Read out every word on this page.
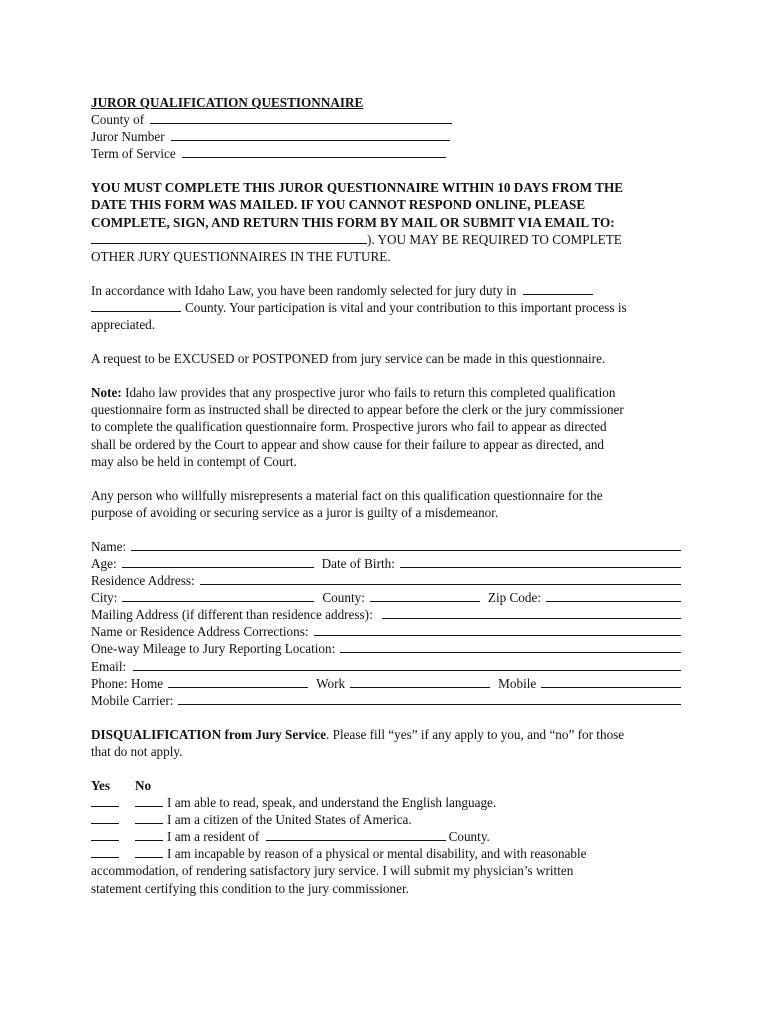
JUROR QUALIFICATION QUESTIONNAIRE
County of
Juror Number
Term of Service
YOU MUST COMPLETE THIS JUROR QUESTIONNAIRE WITHIN 10 DAYS FROM THE
DATE THIS FORM WAS MAILED. IF YOU CANNOT RESPOND ONLINE, PLEASE
COMPLETE, SIGN, AND RETURN THIS FORM BY MAIL OR SUBMIT VIA EMAIL TO:
). YOU MAY BE REQUIRED TO COMPLETE
OTHER JURY QUESTIONNAIRES IN THE FUTURE.
In accordance with Idaho Law, you have been randomly selected for jury duty in
County. Your participation is vital and your contribution to this important process is
appreciated.
A request to be EXCUSED or POSTPONED from jury service can be made in this questionnaire.
Note: Idaho law provides that any prospective juror who fails to return this completed qualification
questionnaire form as instructed shall be directed to appear before the clerk or the jury commissioner
to complete the qualification questionnaire form. Prospective jurors who fail to appear as directed
shall be ordered by the Court to appear and show cause for their failure to appear as directed, and
may also be held in contempt of Court.
Any person who willfully misrepresents a material fact on this qualification questionnaire for the
purpose of avoiding or securing service as a juror is guilty of a misdemeanor.
Name:
Age:	Date of Birth:
Residence Address:
City:	County:	Zip Code:
Mailing Address (if different than residence address):
Name or Residence Address Corrections:
One-way Mileage to Jury Reporting Location:
Email:
Phone: Home	Work	Mobile
Mobile Carrier:
DISQUALIFICATION from Jury Service. Please fill “yes” if any apply to you, and “no” for those
that do not apply.
Yes No
I am able to read, speak, and understand the English language.
I am a citizen of the United States of America.
I am a resident of	County.
I am incapable by reason of a physical or mental disability, and with reasonable
accommodation, of rendering satisfactory jury service. I will submit my physician’s written
statement certifying this condition to the jury commissioner.
